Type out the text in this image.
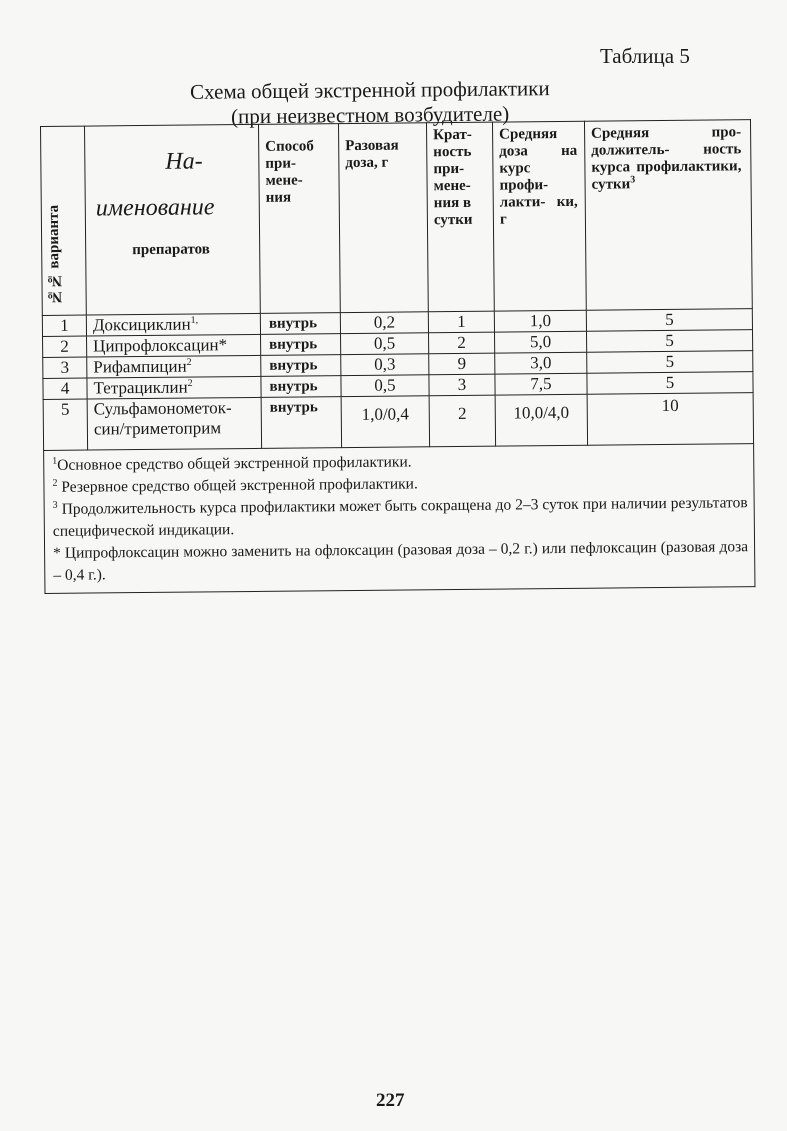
Таблица 5
Схема общей экстренной профилактики
(при неизвестном возбудителе)
№№ варианта	На-
именование
препаратов	Способ при- мене- ния	Разовая доза, г	Крат- ность при- мене- ния в сутки	Средняя доза на курс профи- лакти- ки, г	Средняя про- должитель- ность курса профилактики, сутки$^3$

1	Доксициклин$^{1,}$	внутрь	0,2	1	1,0	5
2	Ципрофлоксацин*	внутрь	0,5	2	5,0	5
3	Рифампицин$^2$	внутрь	0,3	9	3,0	5
4	Тетрациклин$^2$	внутрь	0,5	3	7,5	5
5	Сульфамонометок-син/триметоприм	внутрь	1,0/0,4	2	10,0/4,0	10

$^1$Основное средство общей экстренной профилактики.
$^2$ Резервное средство общей экстренной профилактики.
$^3$ Продолжительность курса профилактики может быть сокращена до 2–3 суток при наличии результатов специфической индикации.
* Ципрофлоксацин можно заменить на офлоксацин (разовая доза – 0,2 г.) или пефлоксацин (разовая доза – 0,4 г.).						
227
